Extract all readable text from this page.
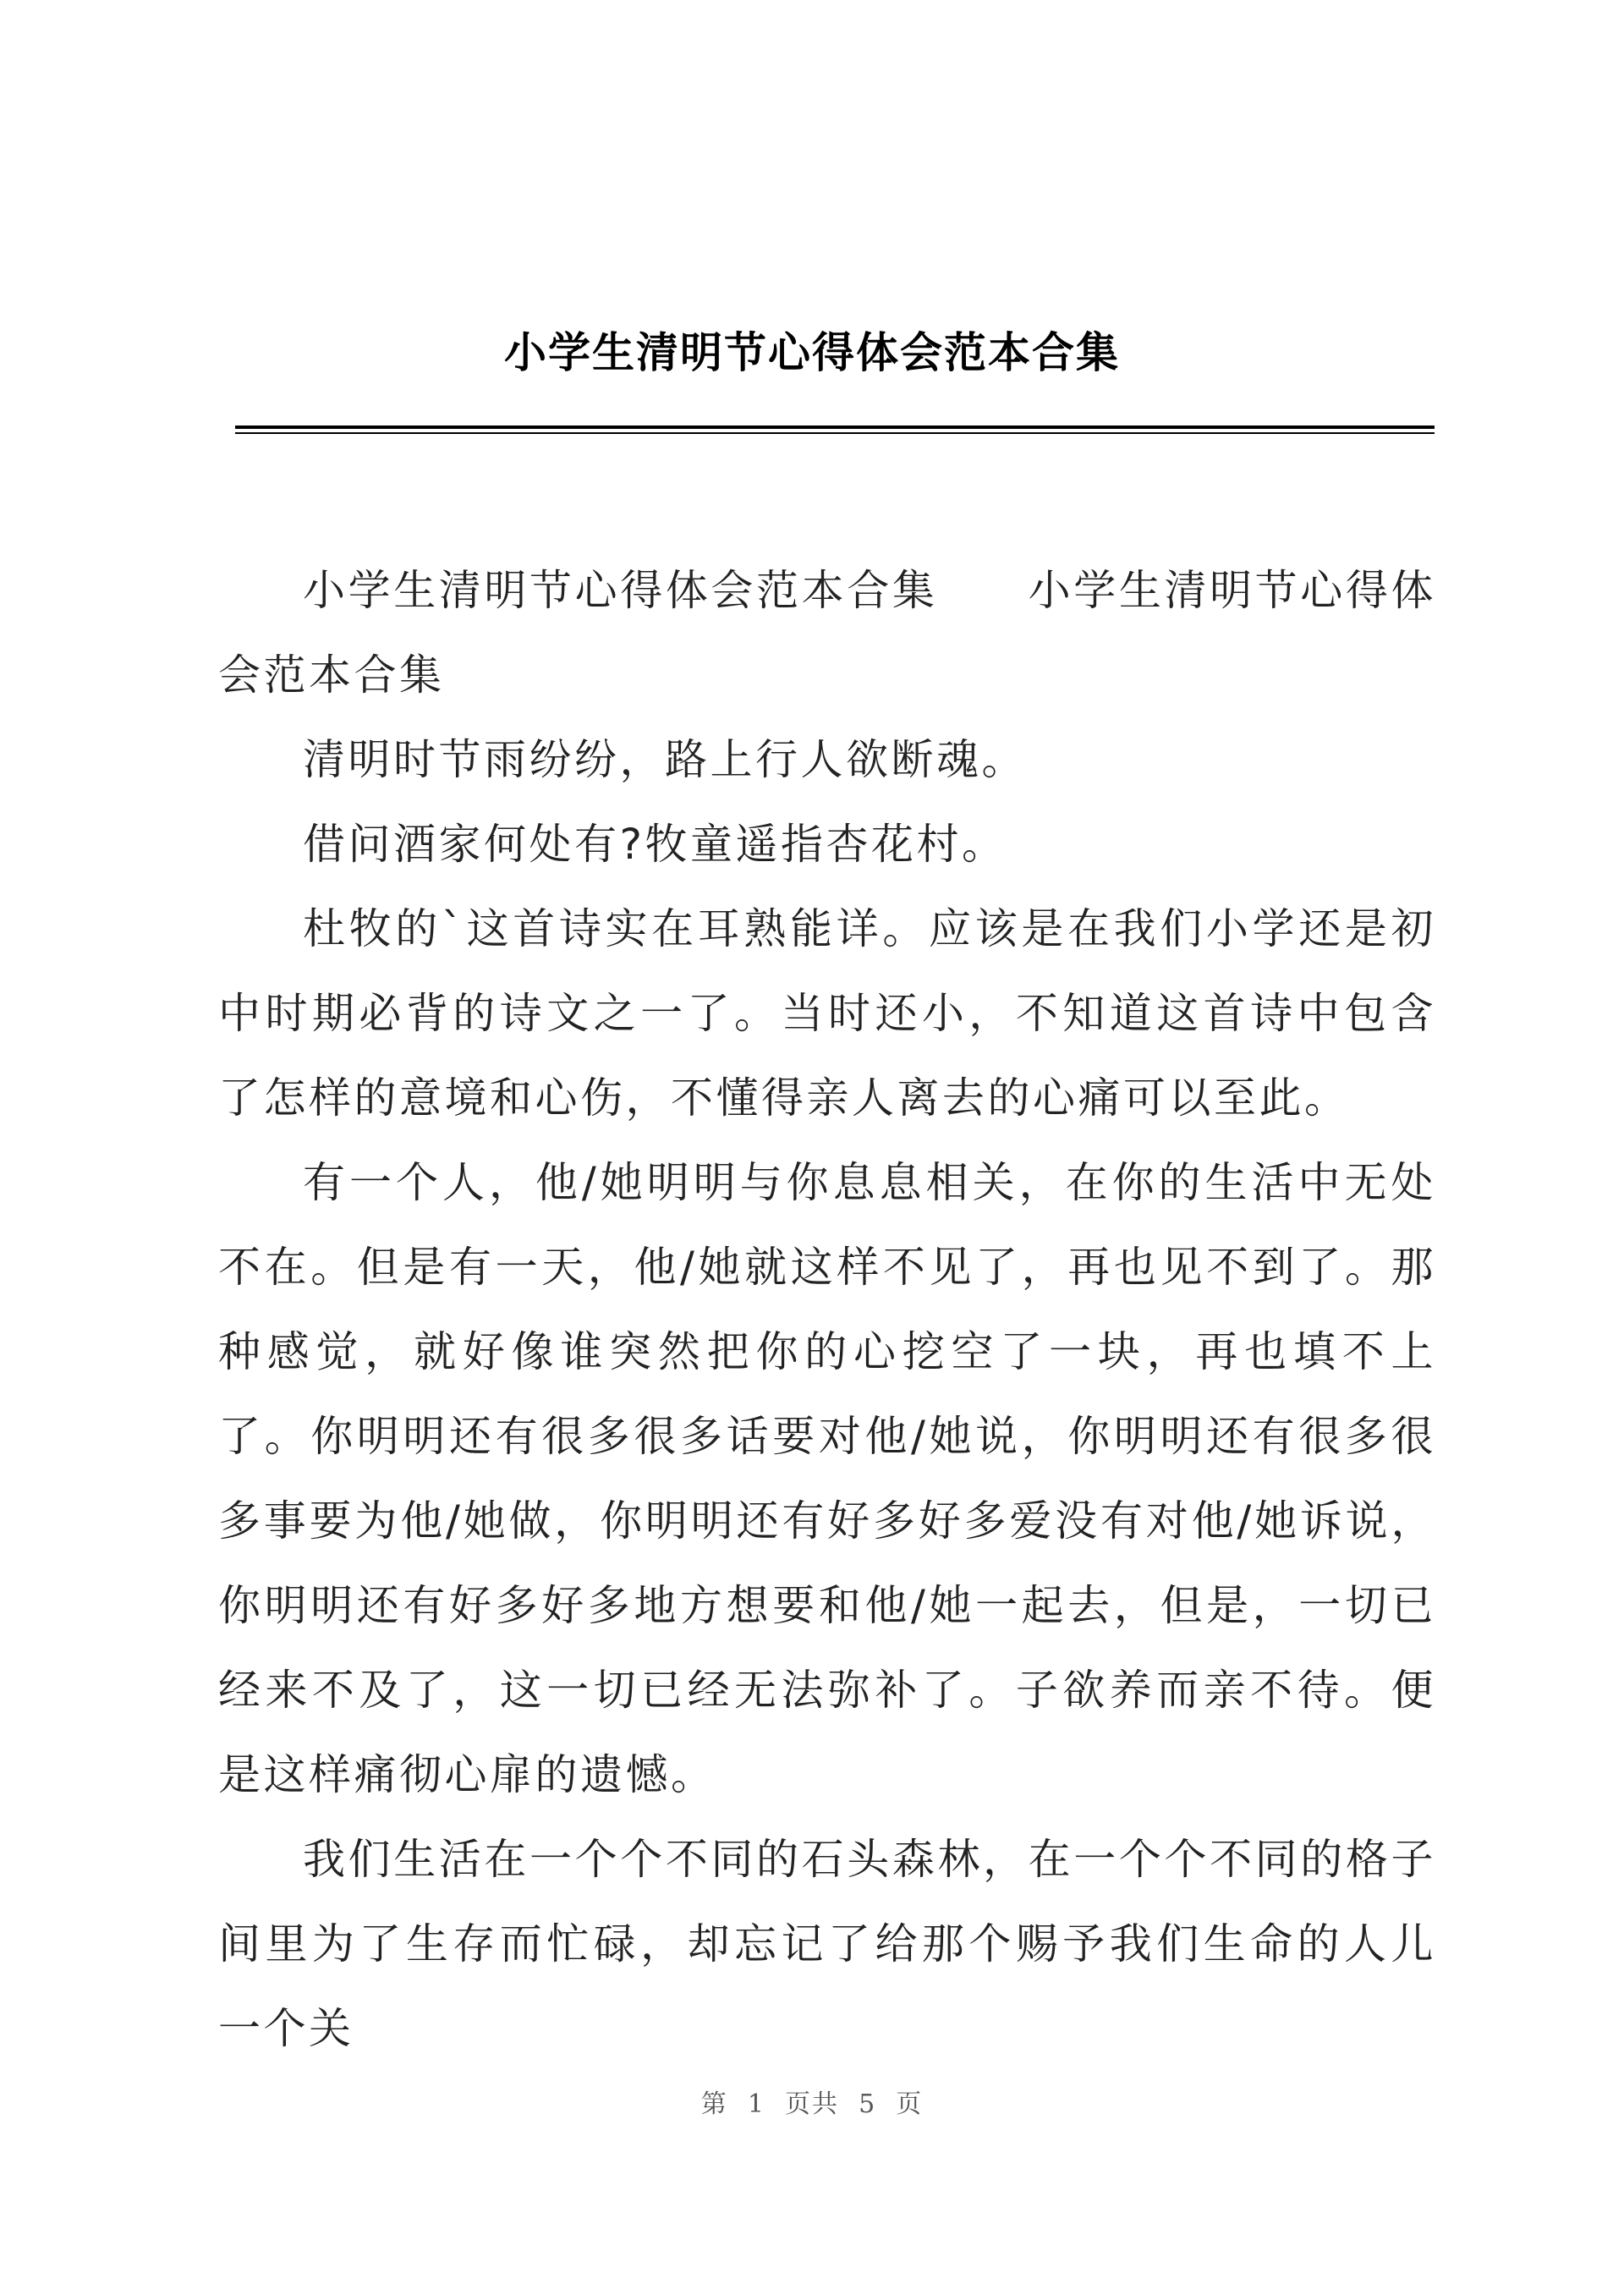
小学生清明节心得体会范本合集

小学生清明节心得体会范本合集　　小学生清明节心得体会范本合集

清明时节雨纷纷，路上行人欲断魂。

借问酒家何处有?牧童遥指杏花村。

杜牧的`这首诗实在耳熟能详。应该是在我们小学还是初中时期必背的诗文之一了。当时还小，不知道这首诗中包含了怎样的意境和心伤，不懂得亲人离去的心痛可以至此。

有一个人，他/她明明与你息息相关，在你的生活中无处不在。但是有一天，他/她就这样不见了，再也见不到了。那种感觉，就好像谁突然把你的心挖空了一块，再也填不上了。你明明还有很多很多话要对他/她说，你明明还有很多很多事要为他/她做，你明明还有好多好多爱没有对他/她诉说，你明明还有好多好多地方想要和他/她一起去，但是，一切已经来不及了，这一切已经无法弥补了。子欲养而亲不待。便是这样痛彻心扉的遗憾。

我们生活在一个个不同的石头森林，在一个个不同的格子间里为了生存而忙碌，却忘记了给那个赐予我们生命的人儿一个关

第  1  页共  5  页
